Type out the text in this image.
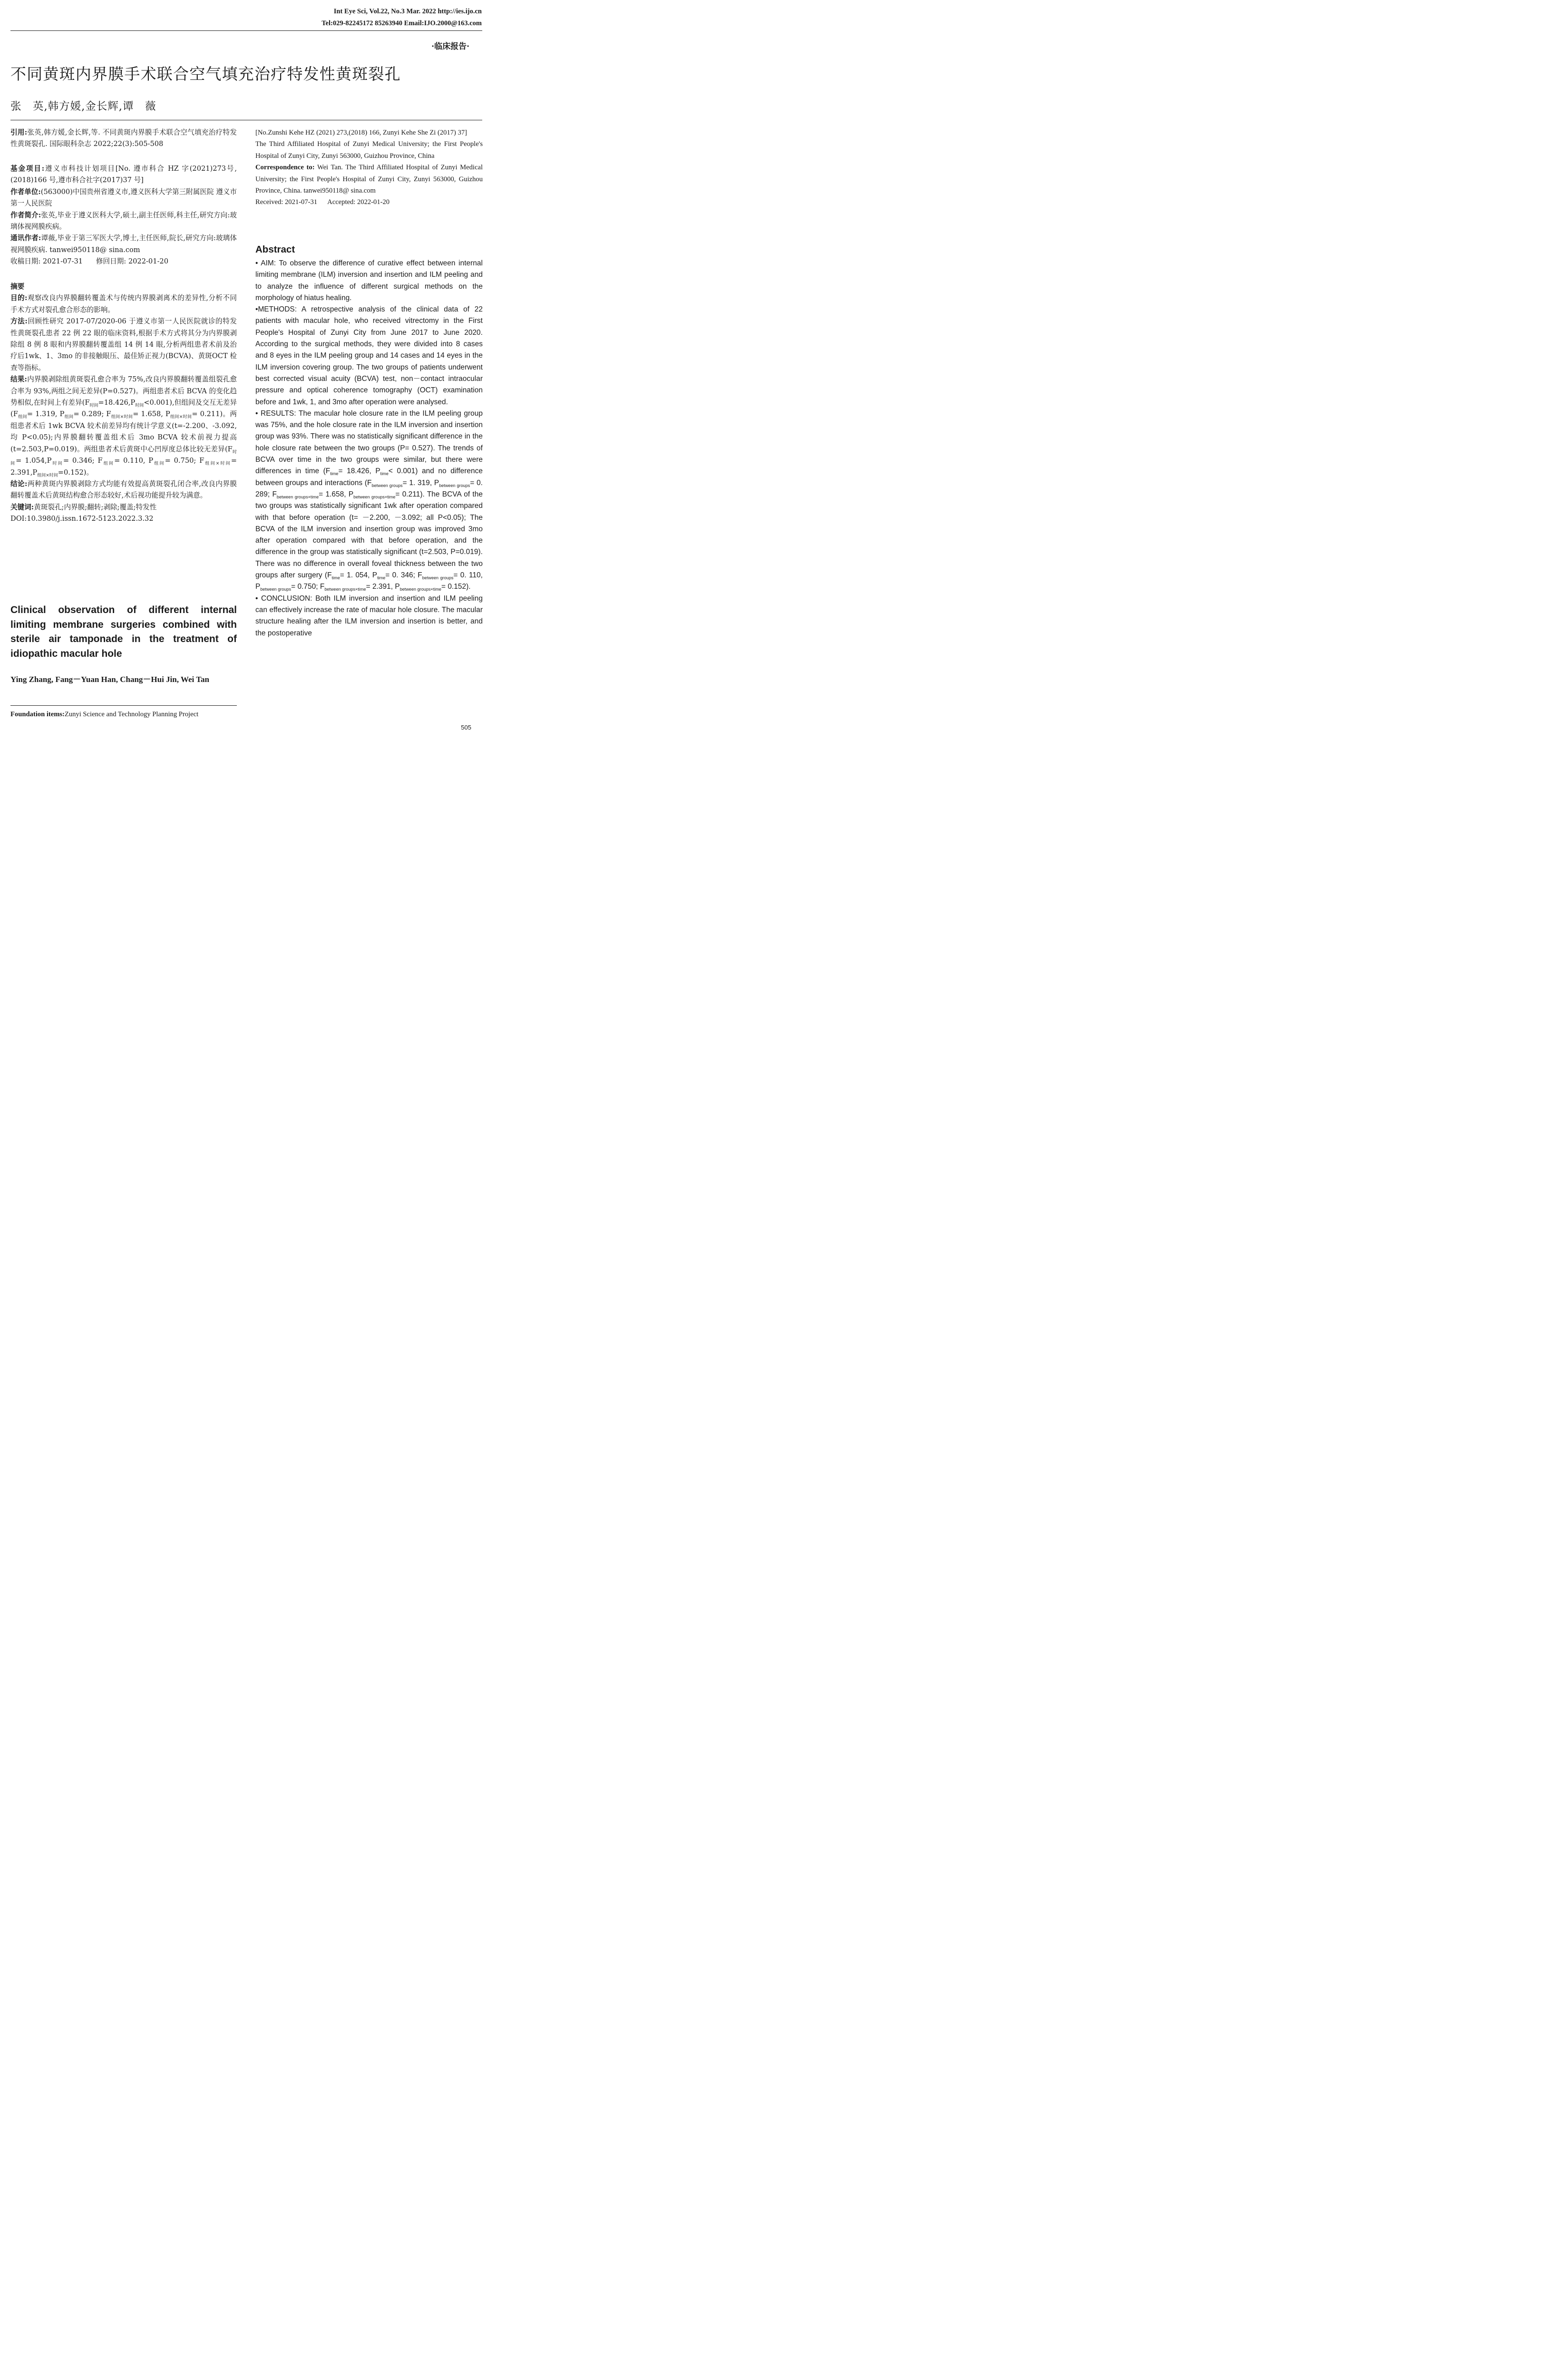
Int Eye Sci, Vol.22, No.3 Mar. 2022 http://ies.ijo.cn
Tel:029-82245172 85263940 Email:IJO.2000@163.com
·临床报告·
不同黄斑内界膜手术联合空气填充治疗特发性黄斑裂孔
张　英,韩方媛,金长辉,谭　薇
引用:张英,韩方媛,金长辉,等. 不同黄斑内界膜手术联合空气填充治疗特发性黄斑裂孔. 国际眼科杂志 2022;22(3):505-508
基金项目:遵义市科技计划项目[No. 遵市科合 HZ 字(2021)273号,(2018)166 号,遵市科合社字(2017)37 号]
作者单位:(563000)中国贵州省遵义市,遵义医科大学第三附属医院 遵义市第一人民医院
作者简介:张英,毕业于遵义医科大学,硕士,副主任医师,科主任,研究方向:玻璃体视网膜疾病。
通讯作者:谭薇,毕业于第三军医大学,博士,主任医师,院长,研究方向:玻璃体视网膜疾病. tanwei950118@ sina.com
收稿日期: 2021-07-31      修回日期: 2022-01-20
摘要
目的:观察改良内界膜翻转覆盖术与传统内界膜剥离术的差异性,分析不同手术方式对裂孔愈合形态的影响。
方法:回顾性研究 2017-07/2020-06 于遵义市第一人民医院就诊的特发性黄斑裂孔患者 22 例 22 眼的临床资料,根据手术方式将其分为内界膜剥除组 8 例 8 眼和内界膜翻转覆盖组 14 例 14 眼,分析两组患者术前及治疗后1wk、1、3mo 的非接触眼压、最佳矫正视力(BCVA)、黄斑OCT 检查等指标。
结果:内界膜剥除组黄斑裂孔愈合率为 75%,改良内界膜翻转覆盖组裂孔愈合率为 93%,两组之间无差异(P=0.527)。两组患者术后 BCVA 的变化趋势相似,在时间上有差异$(F_{时间}=18.426,P_{时间}<0.001)$,但组间及交互无差异($F_{组间}= 1.319$, $P_{组间}= 0.289$; $F_{组间\times 时间}= 1.658$, $P_{组间\times 时间}= 0.211$)。两组患者术后 1wk BCVA 较术前差异均有统计学意义(t=-2.200、-3.092,均 P<0.05);内界膜翻转覆盖组术后 3mo BCVA 较术前视力提高(t=2.503,P=0.019)。两组患者术后黄斑中心凹厚度总体比较无差异($F_{时间}= 1.054,P_{时间}= 0.346$; $F_{组间}= 0.110$, $P_{组间}= 0.750$; $F_{组间\times 时间}= 2.391,P_{组间\times 时间}=0.152$)。
结论:两种黄斑内界膜剥除方式均能有效提高黄斑裂孔闭合率,改良内界膜翻转覆盖术后黄斑结构愈合形态较好,术后视功能提升较为满意。
关键词:黄斑裂孔;内界膜;翻转;剥除;覆盖;特发性
DOI:10.3980/j.issn.1672-5123.2022.3.32
Clinical observation of different internal limiting membrane surgeries combined with sterile air tamponade in the treatment of idiopathic macular hole
Ying Zhang, Fang－Yuan Han, Chang－Hui Jin, Wei Tan
Foundation items:Zunyi Science and Technology Planning Project
[No.Zunshi Kehe HZ (2021) 273,(2018) 166, Zunyi Kehe She Zi (2017) 37]
The Third Affiliated Hospital of Zunyi Medical University; the First People's Hospital of Zunyi City, Zunyi 563000, Guizhou Province, China
Correspondence to: Wei Tan. The Third Affiliated Hospital of Zunyi Medical University; the First People's Hospital of Zunyi City, Zunyi 563000, Guizhou Province, China. tanwei950118@ sina.com
Received: 2021-07-31      Accepted: 2022-01-20
Abstract
• AIM: To observe the difference of curative effect between internal limiting membrane (ILM) inversion and insertion and ILM peeling and to analyze the influence of different surgical methods on the morphology of hiatus healing.
•METHODS: A retrospective analysis of the clinical data of 22 patients with macular hole, who received vitrectomy in the First People's Hospital of Zunyi City from June 2017 to June 2020. According to the surgical methods, they were divided into 8 cases and 8 eyes in the ILM peeling group and 14 cases and 14 eyes in the ILM inversion covering group. The two groups of patients underwent best corrected visual acuity (BCVA) test, non－contact intraocular pressure and optical coherence tomography (OCT) examination before and 1wk, 1, and 3mo after operation were analysed.
• RESULTS: The macular hole closure rate in the ILM peeling group was 75%, and the hole closure rate in the ILM inversion and insertion group was 93%. There was no statistically significant difference in the hole closure rate between the two groups (P= 0.527). The trends of BCVA over time in the two groups were similar, but there were differences in time ($F_{time}= 18.426$, $P_{time}< 0.001$) and no difference between groups and interactions ($F_{between groups}= 1$. 319, $P_{between groups}= 0$. 289; $F_{between groups\times time}= 1.658$, $P_{between groups\times time}= 0.211$). The BCVA of the two groups was statistically significant 1wk after operation compared with that before operation (t= －2.200, －3.092; all P<0.05); The BCVA of the ILM inversion and insertion group was improved 3mo after operation compared with that before operation, and the difference in the group was statistically significant (t=2.503, P=0.019). There was no difference in overall foveal thickness between the two groups after surgery ($F_{time}= 1$. 054, $P_{time}= 0$. 346; $F_{between groups}= 0$. 110, $P_{between groups}= 0.750$; $F_{between groups\times time}= 2.391$, $P_{between groups\times time}= 0.152$).
• CONCLUSION: Both ILM inversion and insertion and ILM peeling can effectively increase the rate of macular hole closure. The macular structure healing after the ILM inversion and insertion is better, and the postoperative
505
